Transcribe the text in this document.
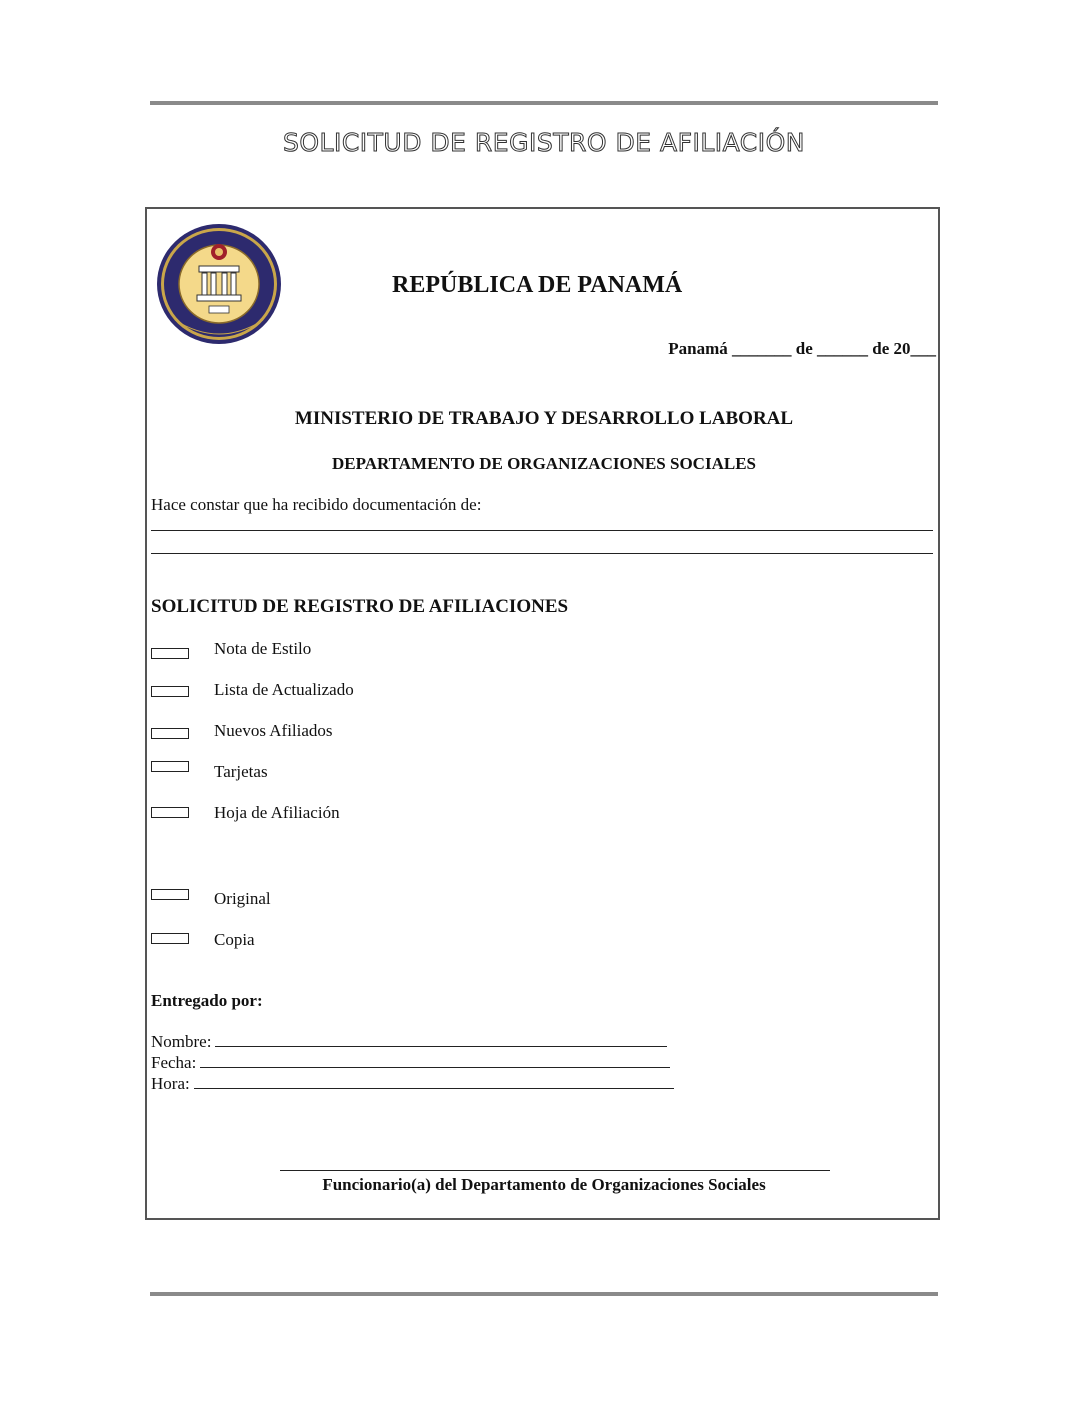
SOLICITUD DE REGISTRO DE AFILIACIÓN
REPÚBLICA DE PANAMÁ
Panamá _______ de ______ de 20___
MINISTERIO DE TRABAJO Y DESARROLLO LABORAL
DEPARTAMENTO DE ORGANIZACIONES SOCIALES
Hace constar que ha recibido documentación de:
SOLICITUD DE REGISTRO DE AFILIACIONES
Nota de Estilo
Lista de Actualizado
Nuevos Afiliados
Tarjetas
Hoja de Afiliación
Original
Copia
Entregado por:
Nombre:
Fecha:
Hora:
Funcionario(a) del Departamento de Organizaciones Sociales
